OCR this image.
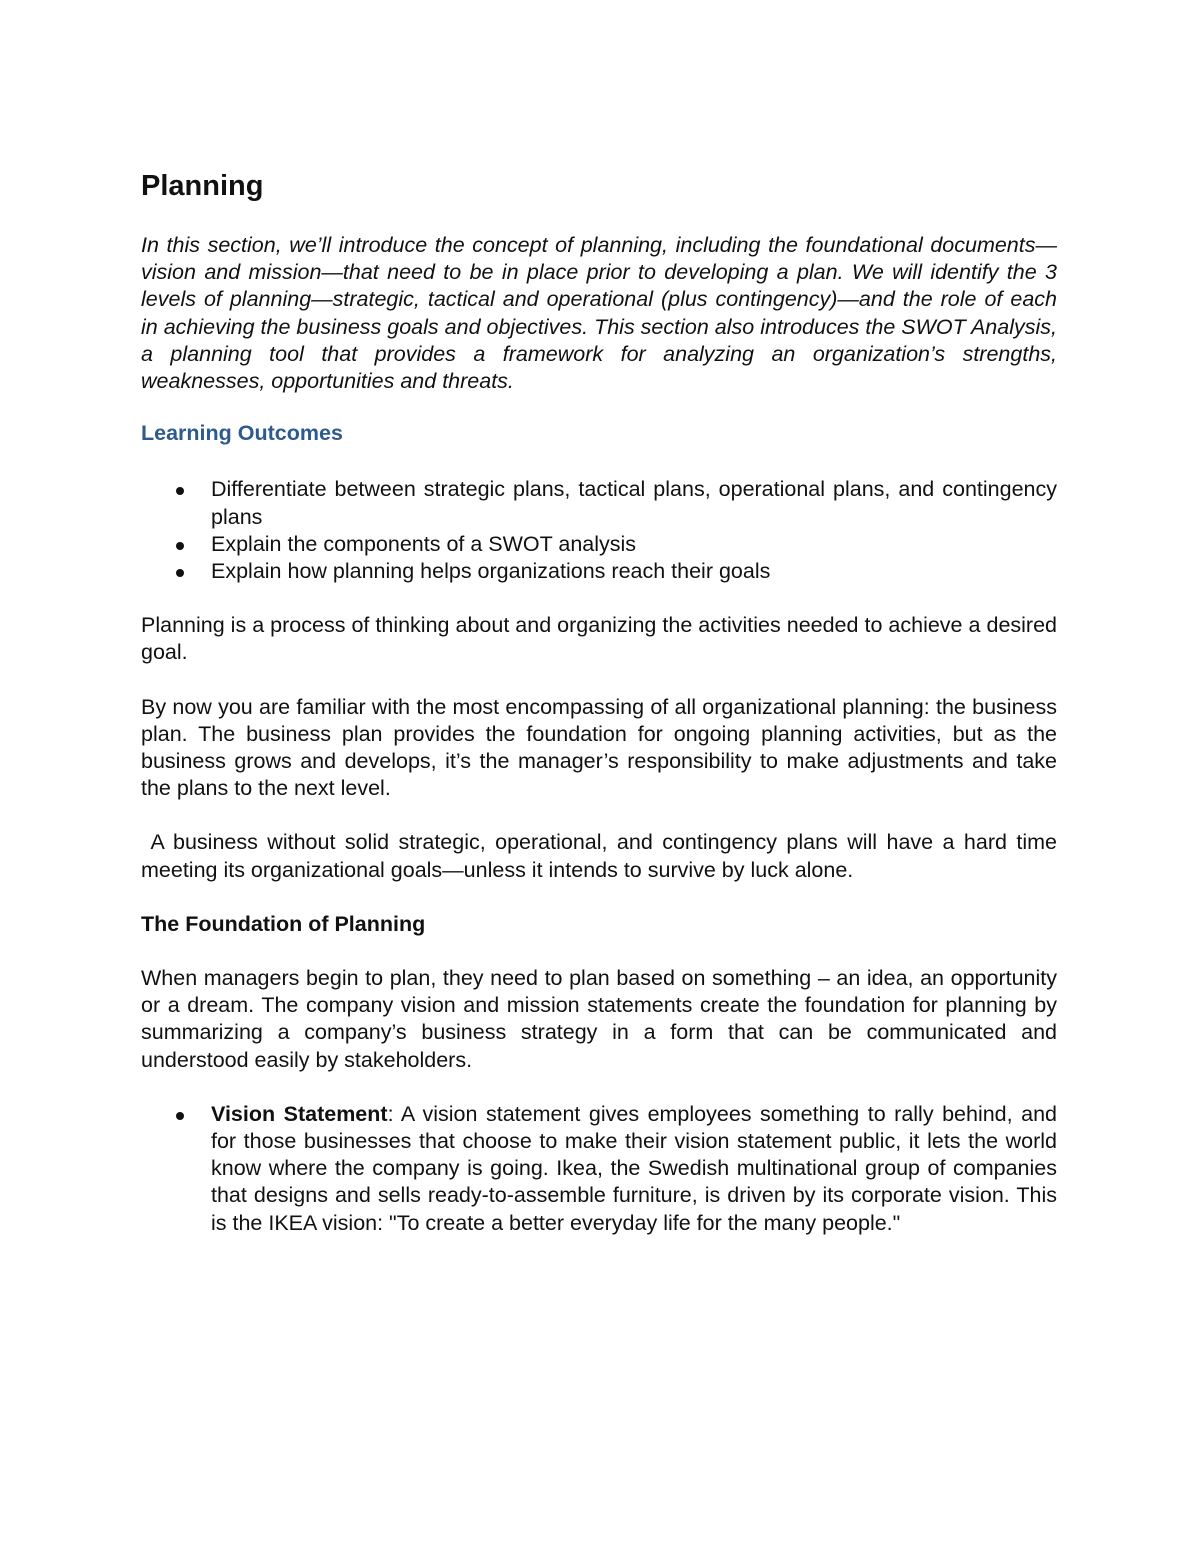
Planning
In this section, we’ll introduce the concept of planning, including the foundational documents—vision and mission—that need to be in place prior to developing a plan. We will identify the 3 levels of planning—strategic, tactical and operational (plus contingency)—and the role of each in achieving the business goals and objectives. This section also introduces the SWOT Analysis, a planning tool that provides a framework for analyzing an organization’s strengths, weaknesses, opportunities and threats.
Learning Outcomes
Differentiate between strategic plans, tactical plans, operational plans, and contingency plans
Explain the components of a SWOT analysis
Explain how planning helps organizations reach their goals
Planning is a process of thinking about and organizing the activities needed to achieve a desired goal.
By now you are familiar with the most encompassing of all organizational planning: the business plan. The business plan provides the foundation for ongoing planning activities, but as the business grows and develops, it’s the manager’s responsibility to make adjustments and take the plans to the next level.
A business without solid strategic, operational, and contingency plans will have a hard time meeting its organizational goals—unless it intends to survive by luck alone.
The Foundation of Planning
When managers begin to plan, they need to plan based on something – an idea, an opportunity or a dream. The company vision and mission statements create the foundation for planning by summarizing a company’s business strategy in a form that can be communicated and understood easily by stakeholders.
Vision Statement: A vision statement gives employees something to rally behind, and for those businesses that choose to make their vision statement public, it lets the world know where the company is going. Ikea, the Swedish multinational group of companies that designs and sells ready-to-assemble furniture, is driven by its corporate vision. This is the IKEA vision: "To create a better everyday life for the many people."
